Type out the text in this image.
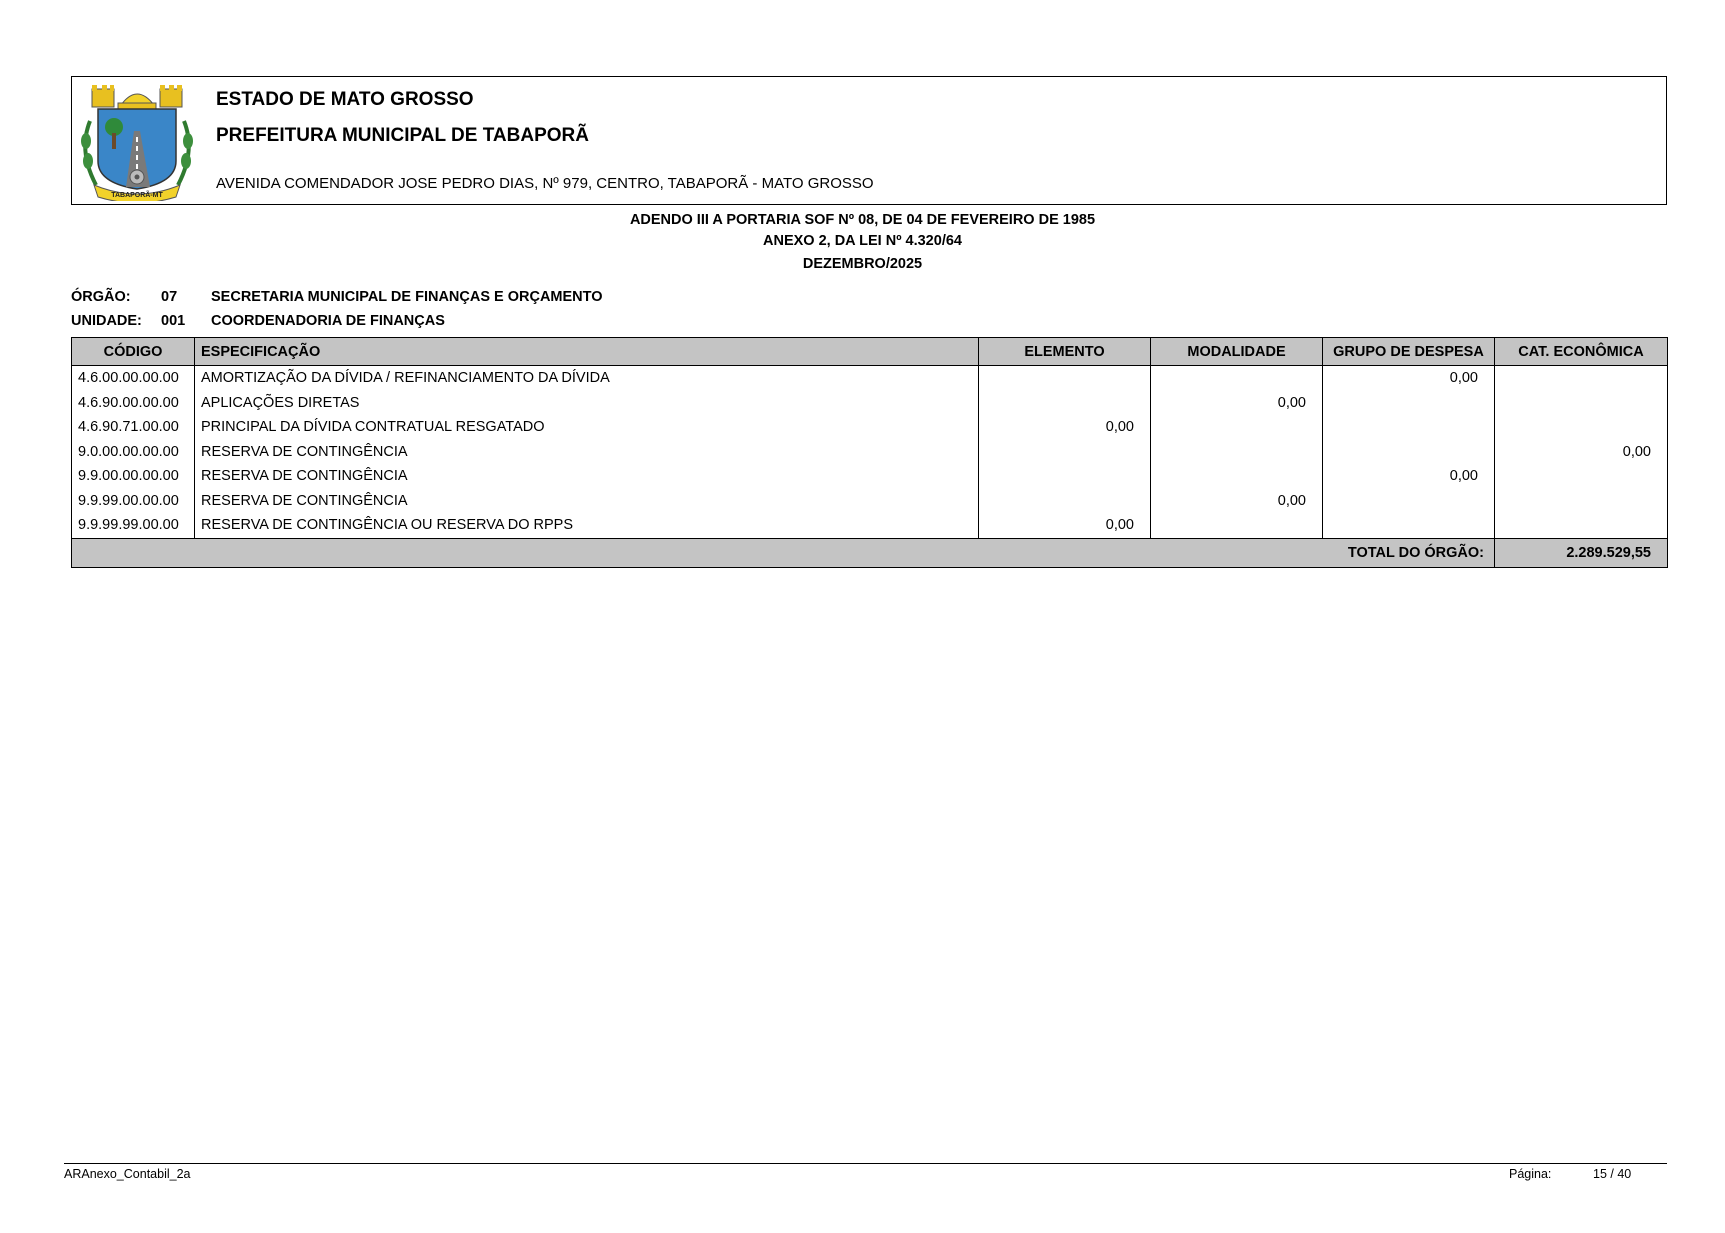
TABAPORÃ-MT
ESTADO DE MATO GROSSO
PREFEITURA MUNICIPAL DE TABAPORÃ
AVENIDA COMENDADOR JOSE PEDRO DIAS, Nº 979, CENTRO, TABAPORÃ - MATO GROSSO
ADENDO III A PORTARIA SOF Nº 08, DE 04 DE FEVEREIRO DE 1985
ANEXO 2, DA LEI Nº 4.320/64
DEZEMBRO/2025
ÓRGÃO: 07 SECRETARIA MUNICIPAL DE FINANÇAS E ORÇAMENTO
UNIDADE: 001 COORDENADORIA DE FINANÇAS
CÓDIGO	ESPECIFICAÇÃO	ELEMENTO	MODALIDADE	GRUPO DE DESPESA	CAT. ECONÔMICA
4.6.00.00.00.00	AMORTIZAÇÃO DA DÍVIDA / REFINANCIAMENTO DA DÍVIDA			0,00	
4.6.90.00.00.00	APLICAÇÕES DIRETAS		0,00		
4.6.90.71.00.00	PRINCIPAL DA DÍVIDA CONTRATUAL RESGATADO	0,00			
9.0.00.00.00.00	RESERVA DE CONTINGÊNCIA				0,00
9.9.00.00.00.00	RESERVA DE CONTINGÊNCIA			0,00	
9.9.99.00.00.00	RESERVA DE CONTINGÊNCIA		0,00		
9.9.99.99.00.00	RESERVA DE CONTINGÊNCIA OU RESERVA DO RPPS	0,00			
TOTAL DO ÓRGÃO:					2.289.529,55
ARAnexo_Contabil_2a	Página:	15 / 40
